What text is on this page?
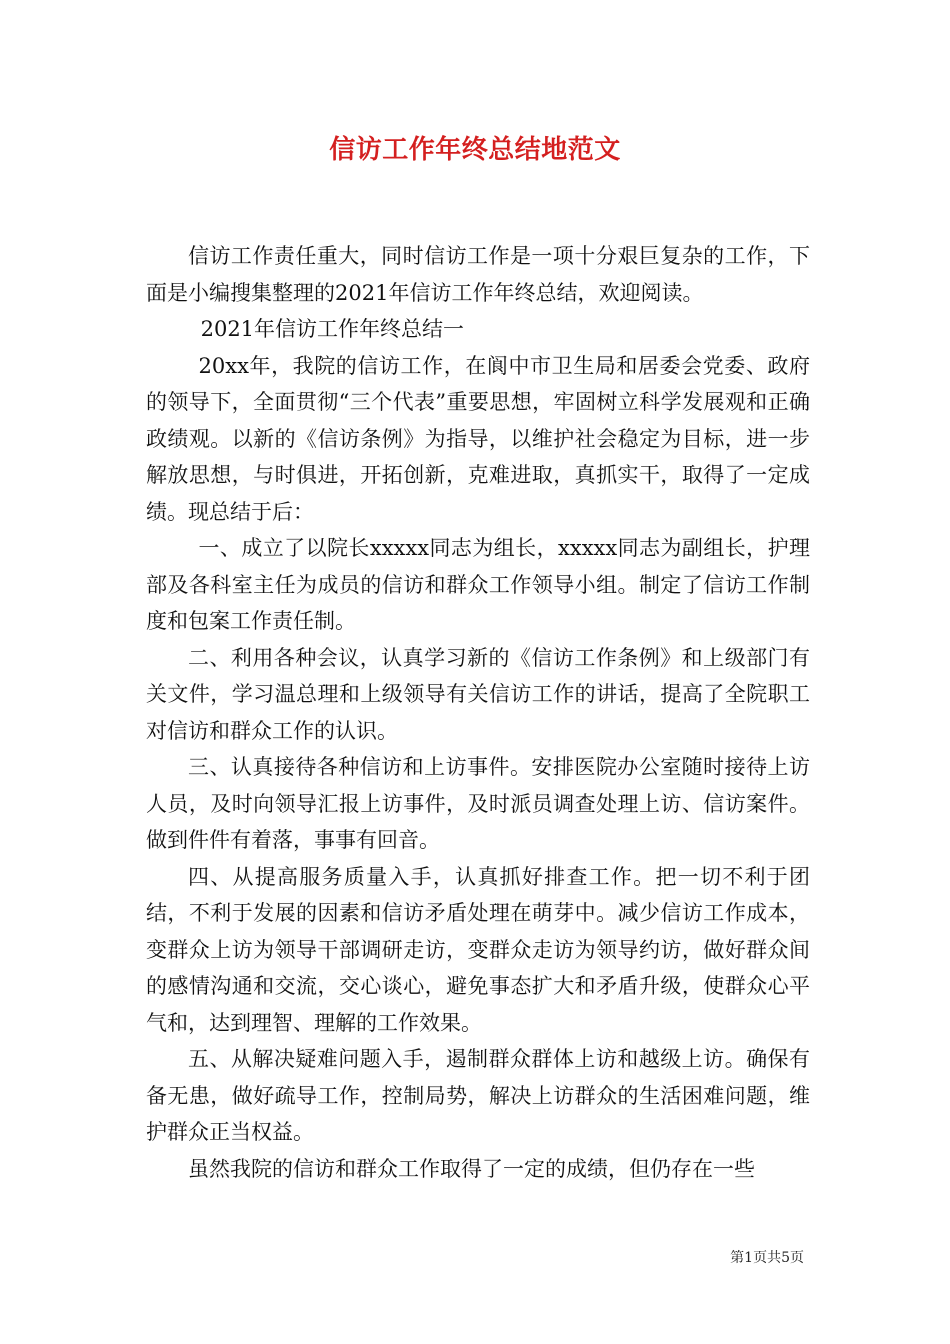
信访工作年终总结地范文

信访工作责任重大，同时信访工作是一项十分艰巨复杂的工作，下面是小编搜集整理的2021年信访工作年终总结，欢迎阅读。

2021年信访工作年终总结一

20xx年，我院的信访工作，在阆中市卫生局和居委会党委、政府的领导下，全面贯彻“三个代表”重要思想，牢固树立科学发展观和正确政绩观。以新的《信访条例》为指导，以维护社会稳定为目标，进一步解放思想，与时俱进，开拓创新，克难进取，真抓实干，取得了一定成绩。现总结于后：

一、成立了以院长xxxxx同志为组长，xxxxx同志为副组长，护理部及各科室主任为成员的信访和群众工作领导小组。制定了信访工作制度和包案工作责任制。

二、利用各种会议，认真学习新的《信访工作条例》和上级部门有关文件，学习温总理和上级领导有关信访工作的讲话，提高了全院职工对信访和群众工作的认识。

三、认真接待各种信访和上访事件。安排医院办公室随时接待上访人员，及时向领导汇报上访事件，及时派员调查处理上访、信访案件。做到件件有着落，事事有回音。

四、从提高服务质量入手，认真抓好排查工作。把一切不利于团结，不利于发展的因素和信访矛盾处理在萌芽中。减少信访工作成本，变群众上访为领导干部调研走访，变群众走访为领导约访，做好群众间的感情沟通和交流，交心谈心，避免事态扩大和矛盾升级，使群众心平气和，达到理智、理解的工作效果。

五、从解决疑难问题入手，遏制群众群体上访和越级上访。确保有备无患，做好疏导工作，控制局势，解决上访群众的生活困难问题，维护群众正当权益。

虽然我院的信访和群众工作取得了一定的成绩，但仍存在一些

第1页共5页
